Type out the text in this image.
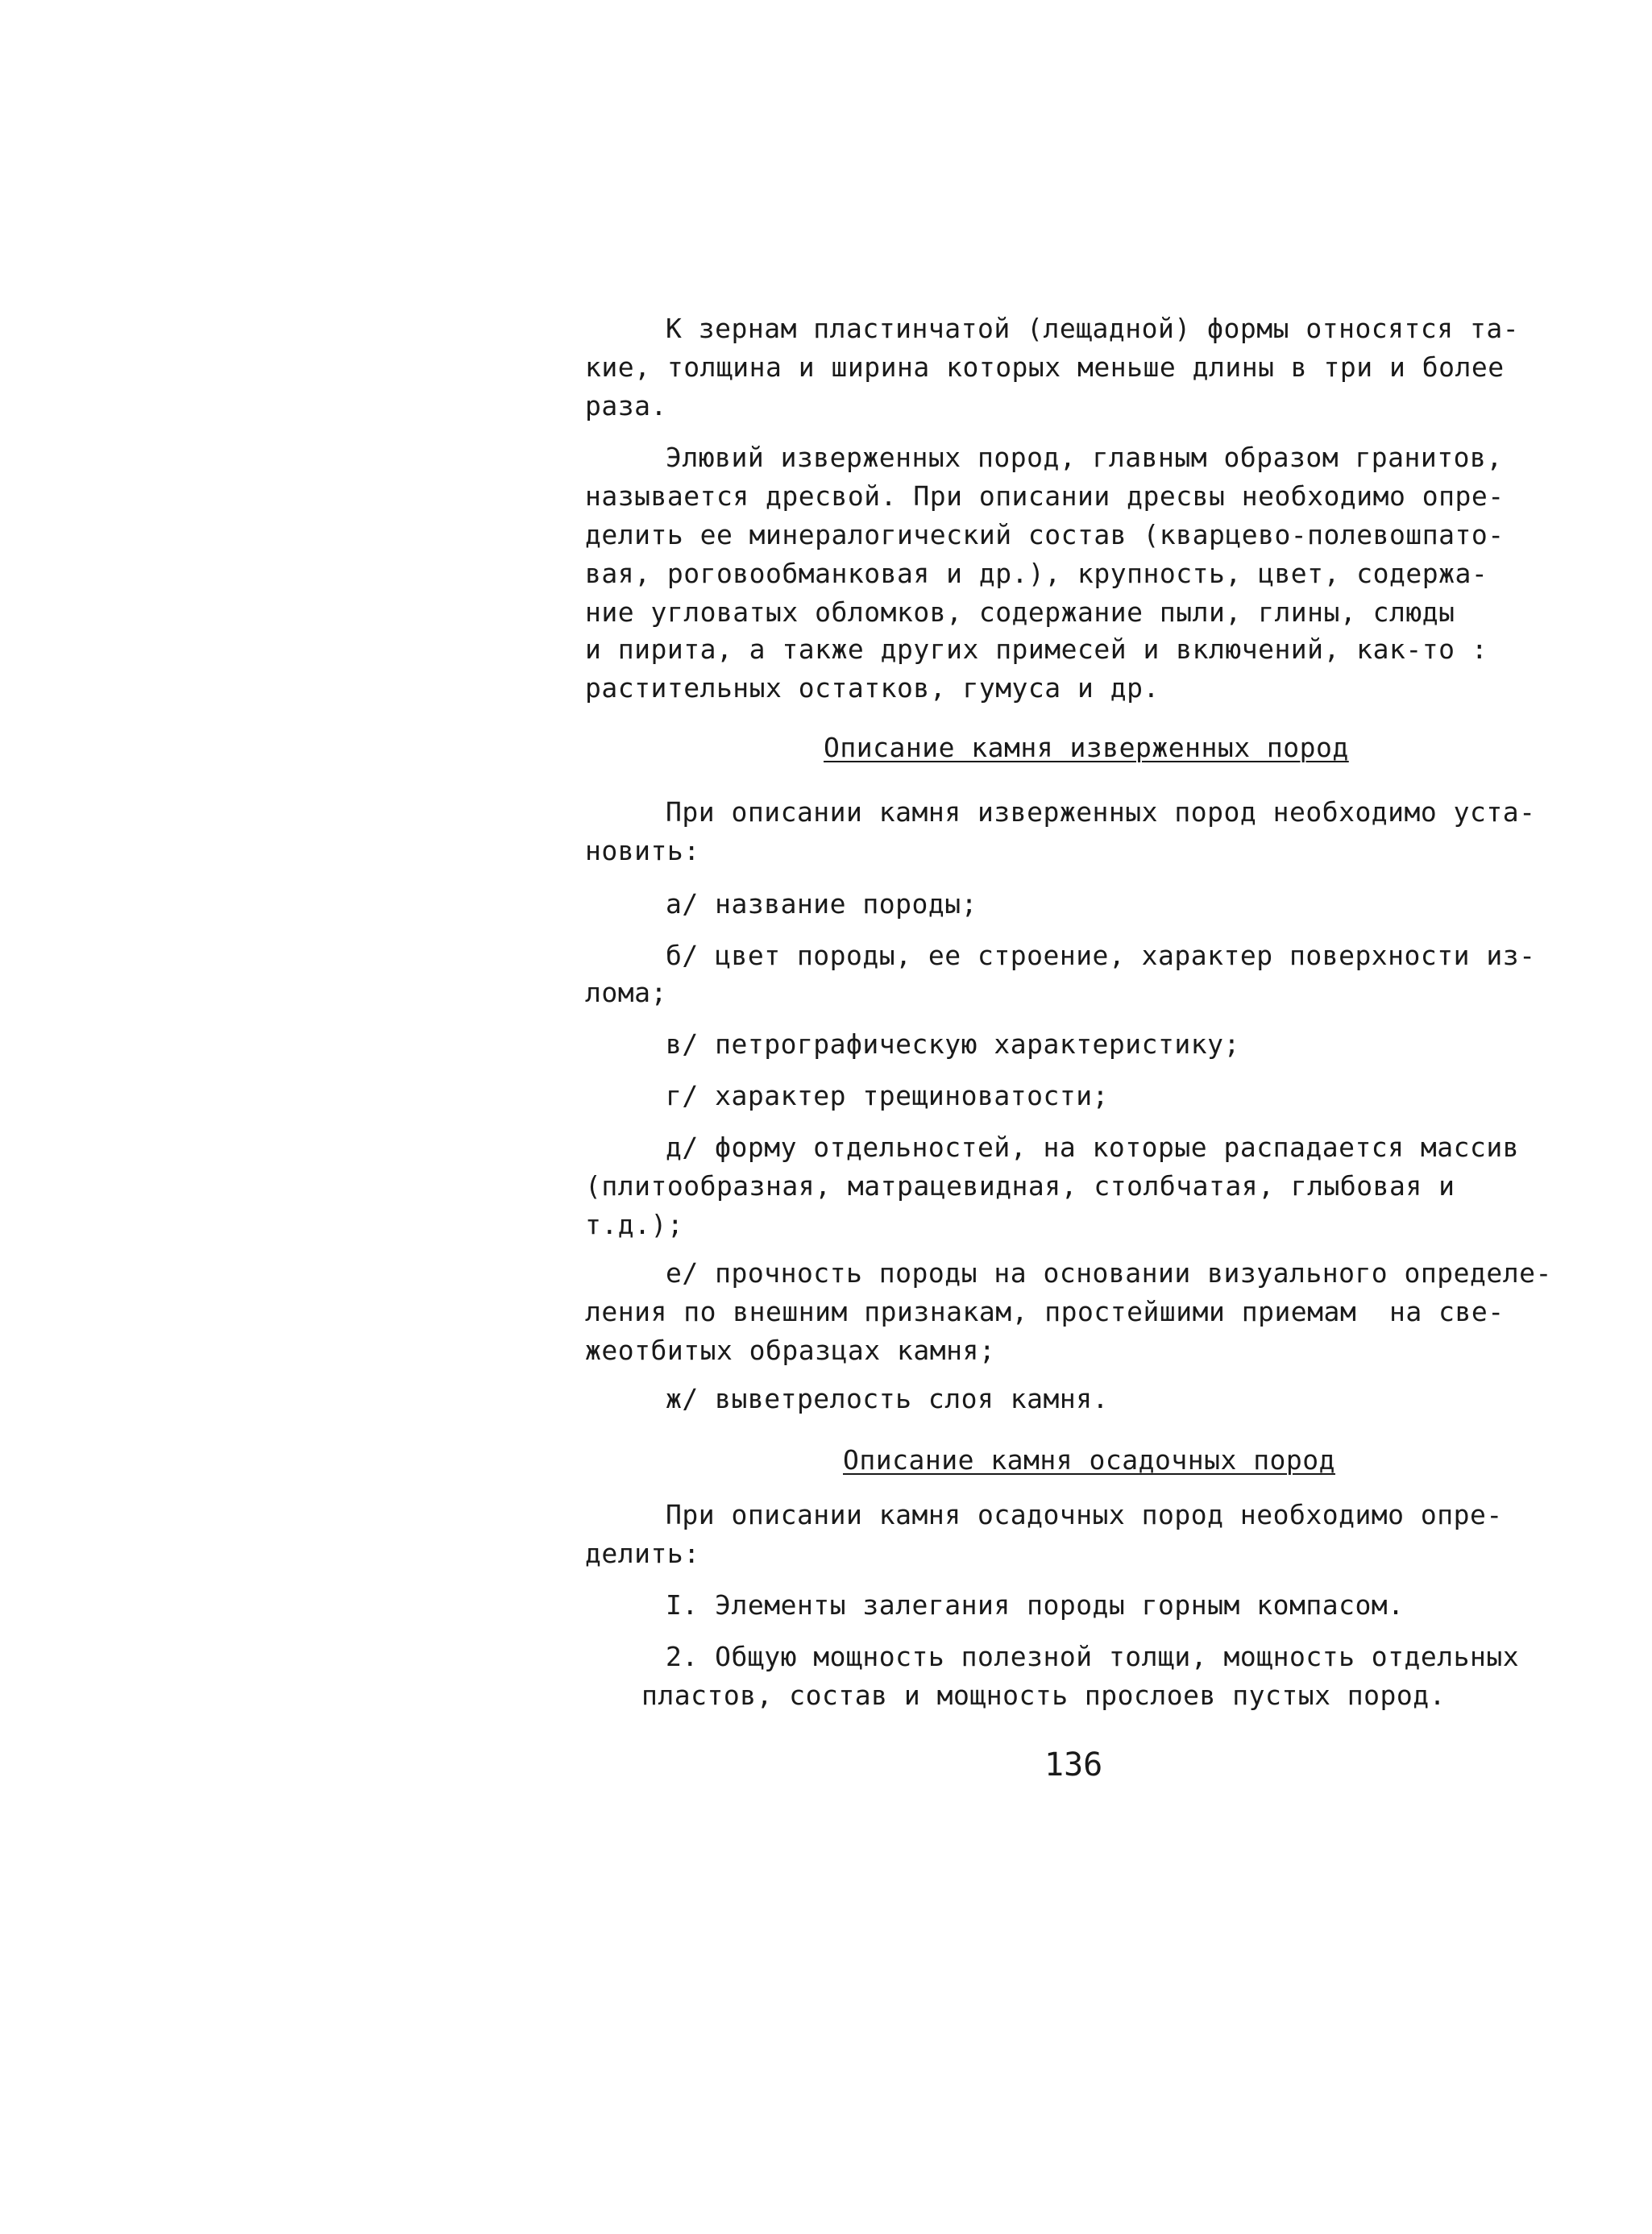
К зернам пластинчатой (лещадной) формы относятся та-
кие, толщина и ширина которых меньше длины в три и более
раза.
Элювий изверженных пород, главным образом гранитов,
называется дресвой. При описании дресвы необходимо опре-
делить ее минералогический состав (кварцево-полевошпато-
вая, роговообманковая и др.), крупность, цвет, содержа-
ние угловатых обломков, содержание пыли, глины, слюды
и пирита, а также других примесей и включений, как-то :
растительных остатков, гумуса и др.
Описание камня изверженных пород
При описании камня изверженных пород необходимо уста-
новить:
а/ название породы;
б/ цвет породы, ее строение, характер поверхности из-
лома;
в/ петрографическую характеристику;
г/ характер трещиноватости;
д/ форму отдельностей, на которые распадается массив
(плитообразная, матрацевидная, столбчатая, глыбовая и
т.д.);
е/ прочность породы на основании визуального определе-
ления по внешним признакам, простейшими приемам  на све-
жеотбитых образцах камня;
ж/ выветрелость слоя камня.
Описание камня осадочных пород
При описании камня осадочных пород необходимо опре-
делить:
I. Элементы залегания породы горным компасом.
2. Общую мощность полезной толщи, мощность отдельных
пластов, состав и мощность прослоев пустых пород.
136
